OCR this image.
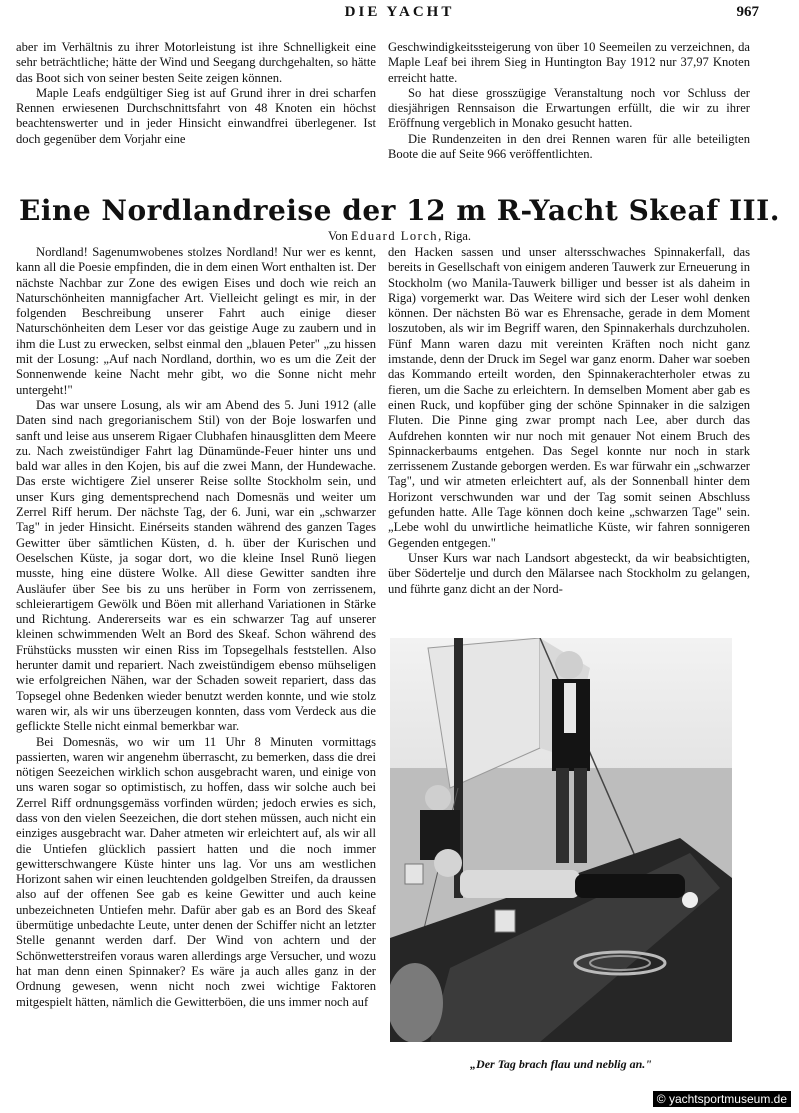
DIE YACHT	967

aber im Verhältnis zu ihrer Motorleistung ist ihre Schnelligkeit eine sehr beträchtliche; hätte der Wind und Seegang durchgehalten, so hätte das Boot sich von seiner besten Seite zeigen können.

Maple Leafs endgültiger Sieg ist auf Grund ihrer in drei scharfen Rennen erwiesenen Durchschnittsfahrt von 48 Knoten ein höchst beachtenswerter und in jeder Hinsicht einwandfrei überlegener. Ist doch gegenüber dem Vorjahr eine

Geschwindigkeitssteigerung von über 10 Seemeilen zu verzeichnen, da Maple Leaf bei ihrem Sieg in Huntington Bay 1912 nur 37,97 Knoten erreicht hatte.

So hat diese grosszügige Veranstaltung noch vor Schluss der diesjährigen Rennsaison die Erwartungen erfüllt, die wir zu ihrer Eröffnung vergeblich in Monako gesucht hatten.

Die Rundenzeiten in den drei Rennen waren für alle beteiligten Boote die auf Seite 966 veröffentlichten.

Eine Nordlandreise der 12 m R-Yacht Skeaf III.
Von Eduard Lorch, Riga.

Nordland! Sagenumwobenes stolzes Nordland! Nur wer es kennt, kann all die Poesie empfinden, die in dem einen Wort enthalten ist. Der nächste Nachbar zur Zone des ewigen Eises und doch wie reich an Naturschönheiten mannigfacher Art. Vielleicht gelingt es mir, in der folgenden Beschreibung unserer Fahrt auch einige dieser Naturschönheiten dem Leser vor das geistige Auge zu zaubern und in ihm die Lust zu erwecken, selbst einmal den „blauen Peter" „zu hissen mit der Losung: „Auf nach Nordland, dorthin, wo es um die Zeit der Sonnenwende keine Nacht mehr gibt, wo die Sonne nicht mehr untergeht!"

Das war unsere Losung, als wir am Abend des 5. Juni 1912 (alle Daten sind nach gregorianischem Stil) von der Boje loswarfen und sanft und leise aus unserem Rigaer Clubhafen hinausglitten dem Meere zu. Nach zweistündiger Fahrt lag Dünamünde-Feuer hinter uns und bald war alles in den Kojen, bis auf die zwei Mann, der Hundewache. Das erste wichtigere Ziel unserer Reise sollte Stockholm sein, und unser Kurs ging dementsprechend nach Domesnäs und weiter um Zerrel Riff herum. Der nächste Tag, der 6. Juni, war ein „schwarzer Tag" in jeder Hinsicht. Einérseits standen während des ganzen Tages Gewitter über sämtlichen Küsten, d. h. über der Kurischen und Oeselschen Küste, ja sogar dort, wo die kleine Insel Runö liegen musste, hing eine düstere Wolke. All diese Gewitter sandten ihre Ausläufer über See bis zu uns herüber in Form von zerrissenem, schleierartigem Gewölk und Böen mit allerhand Variationen in Stärke und Richtung. Andererseits war es ein schwarzer Tag auf unserer kleinen schwimmenden Welt an Bord des Skeaf. Schon während des Frühstücks mussten wir einen Riss im Topsegelhals feststellen. Also herunter damit und repariert. Nach zweistündigem ebenso mühseligen wie erfolgreichen Nähen, war der Schaden soweit repariert, dass das Topsegel ohne Bedenken wieder benutzt werden konnte, und wie stolz waren wir, als wir uns überzeugen konnten, dass vom Verdeck aus die geflickte Stelle nicht einmal bemerkbar war.

Bei Domesnäs, wo wir um 11 Uhr 8 Minuten vormittags passierten, waren wir angenehm überrascht, zu bemerken, dass die drei nötigen Seezeichen wirklich schon ausgebracht waren, und einige von uns waren sogar so optimistisch, zu hoffen, dass wir solche auch bei Zerrel Riff ordnungsgemäss vorfinden würden; jedoch erwies es sich, dass von den vielen Seezeichen, die dort stehen müssen, auch nicht ein einziges ausgebracht war. Daher atmeten wir erleichtert auf, als wir all die Untiefen glücklich passiert hatten und die noch immer gewitterschwangere Küste hinter uns lag. Vor uns am westlichen Horizont sahen wir einen leuchtenden goldgelben Streifen, da draussen also auf der offenen See gab es keine Gewitter und auch keine unbezeichneten Untiefen mehr. Dafür aber gab es an Bord des Skeaf übermütige unbedachte Leute, unter denen der Schiffer nicht an letzter Stelle genannt werden darf. Der Wind von achtern und der Schönwetterstreifen voraus waren allerdings arge Versucher, und wozu hat man denn einen Spinnaker? Es wäre ja auch alles ganz in der Ordnung gewesen, wenn nicht noch zwei wichtige Faktoren mitgespielt hätten, nämlich die Gewitterböen, die uns immer noch auf

den Hacken sassen und unser altersschwaches Spinnakerfall, das bereits in Gesellschaft von einigem anderen Tauwerk zur Erneuerung in Stockholm (wo Manila-Tauwerk billiger und besser ist als daheim in Riga) vorgemerkt war. Das Weitere wird sich der Leser wohl denken können. Der nächsten Bö war es Ehrensache, gerade in dem Moment loszutoben, als wir im Begriff waren, den Spinnakerhals durchzuholen. Fünf Mann waren dazu mit vereinten Kräften noch nicht ganz imstande, denn der Druck im Segel war ganz enorm. Daher war soeben das Kommando erteilt worden, den Spinnakerachterholer etwas zu fieren, um die Sache zu erleichtern. In demselben Moment aber gab es einen Ruck, und kopfüber ging der schöne Spinnaker in die salzigen Fluten. Die Pinne ging zwar prompt nach Lee, aber durch das Aufdrehen konnten wir nur noch mit genauer Not einem Bruch des Spinnackerbaums entgehen. Das Segel konnte nur noch in stark zerrissenem Zustande geborgen werden. Es war fürwahr ein „schwarzer Tag", und wir atmeten erleichtert auf, als der Sonnenball hinter dem Horizont verschwunden war und der Tag somit seinen Abschluss gefunden hatte. Alle Tage können doch keine „schwarzen Tage" sein. „Lebe wohl du unwirtliche heimatliche Küste, wir fahren sonnigeren Gegenden entgegen."

Unser Kurs war nach Landsort abgesteckt, da wir beabsichtigten, über Södertelje und durch den Mälarsee nach Stockholm zu gelangen, und führte ganz dicht an der Nord-

„Der Tag brach flau und neblig an."
© yachtsportmuseum.de
